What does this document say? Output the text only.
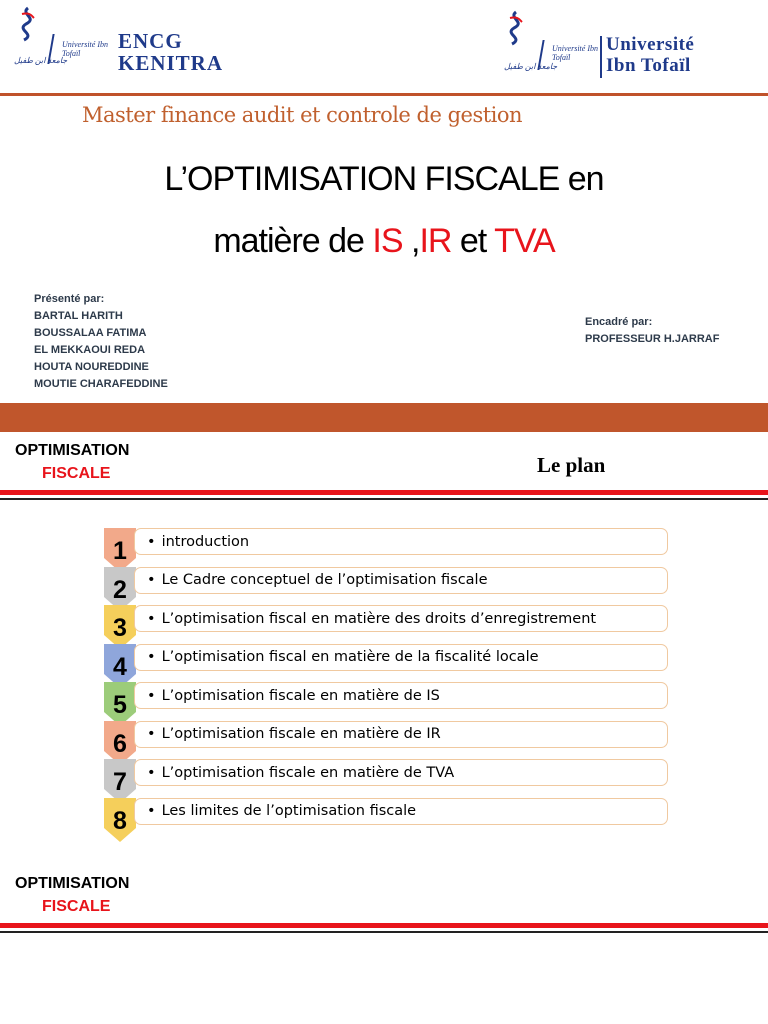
جامعة ابن طفيل
Université Ibn Tofaïl
ENCG
KENITRA	جامعة ابن طفيل
Université Ibn Tofaïl
Université
Ibn Tofaïl
Master finance audit et controle de gestion
L’OPTIMISATION FISCALE en
matière de IS ,IR et TVA
Présenté par:
BARTAL HARITH
BOUSSALAA FATIMA
EL MEKKAOUI REDA
HOUTA NOUREDDINE
MOUTIE CHARAFEDDINE
Encadré par:
PROFESSEUR H.JARRAF
OPTIMISATION
FISCALE	Le plan
1	• introduction
2	• Le Cadre conceptuel de l’optimisation fiscale
3	• L’optimisation fiscal en matière des droits d’enregistrement
4	• L’optimisation fiscal en matière de la fiscalité locale
5	• L’optimisation fiscale en matière de IS
6	• L’optimisation fiscale en matière de IR
7	• L’optimisation fiscale en matière de TVA
8	• Les limites de l’optimisation fiscale
OPTIMISATION
FISCALE
